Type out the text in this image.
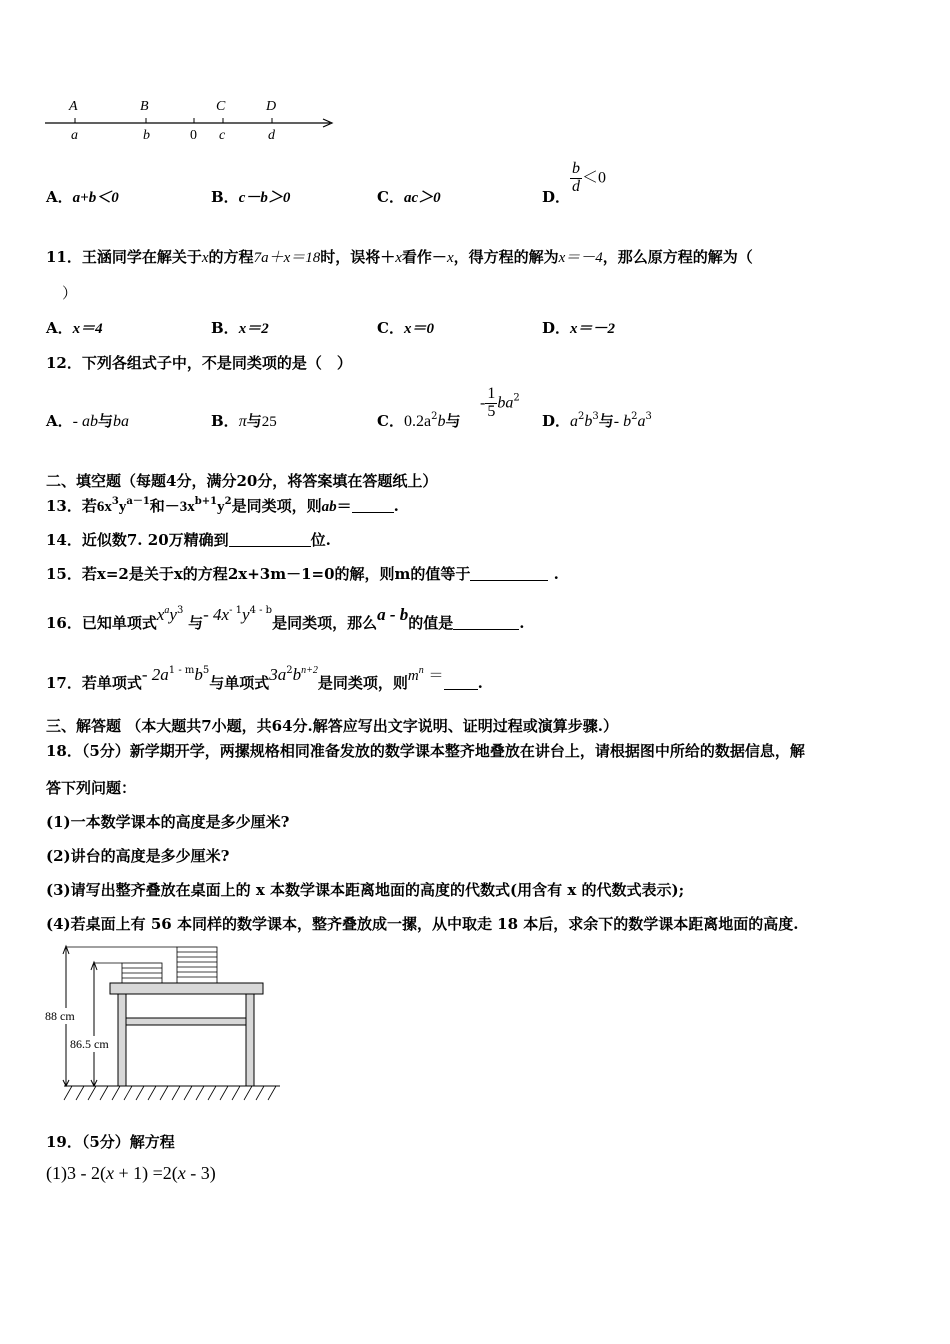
A	B	C	D
a	b	0 c	d
A．a+b＜0	B．c－b＞0	C．ac＞0	D．
$\frac{b}{d} <0$
11．王涵同学在解关于x的方程7a＋x＝18时，误将＋x看作－x，得方程的解为x＝－4，那么原方程的解为（
）
A．x＝4	B．x＝2	C．x＝0	D．x＝－2
12．下列各组式子中，不是同类项的是（　）
A．- ab与ba	B．π与25	C．$0.2a^2b$与
- $\frac{1}{5} ba^2$
D．$a^2b^3$与- $b^2a^3$
二、填空题（每题4分，满分20分，将答案填在答题纸上）
13．若$6x^3y^{a-1}$和$-3x^{b+1}y^2$是同类项，则ab＝	.
14．近似数7. 20万精确到	位.
15．若x=2是关于x的方程2x+3m－1=0的解，则m的值等于	.
16．已知单项式$x^ay^3$ 与- $4x^{- 1}y^{4 - b}$是同类项，那么a - b的值是	.
17．若单项式- $2a^{1 - m}b^5$与单项式$3a^2b^{n+2}$是同类项，则$m^n$ ＝ .
三、解答题 （本大题共7小题，共64分.解答应写出文字说明、证明过程或演算步骤.）
18．（5分）新学期开学，两摞规格相同准备发放的数学课本整齐地叠放在讲台上，请根据图中所给的数据信息，解
答下列问题：
(1)一本数学课本的高度是多少厘米?
(2)讲台的高度是多少厘米?
(3)请写出整齐叠放在桌面上的 x 本数学课本距离地面的高度的代数式(用含有 x 的代数式表示);
(4)若桌面上有 56 本同样的数学课本，整齐叠放成一摞，从中取走 18 本后，求余下的数学课本距离地面的高度.
88 cm
86.5 cm
19．（5分）解方程
(1)3 - 2(x + 1) =2(x - 3)
